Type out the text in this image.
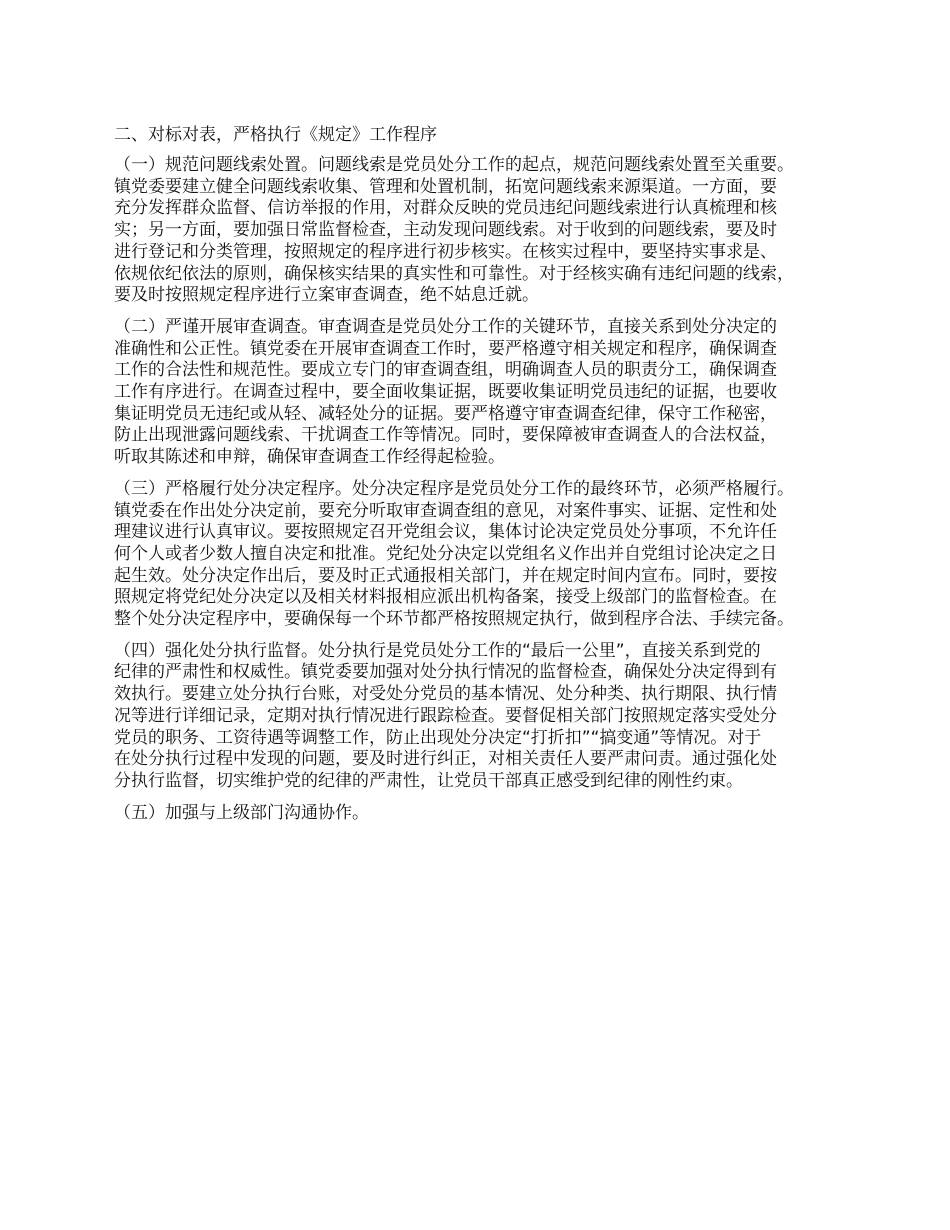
二、对标对表，严格执行《规定》工作程序
（一）规范问题线索处置。问题线索是党员处分工作的起点，规范问题线索处置至关重要。
镇党委要建立健全问题线索收集、管理和处置机制，拓宽问题线索来源渠道。一方面，要
充分发挥群众监督、信访举报的作用，对群众反映的党员违纪问题线索进行认真梳理和核
实；另一方面，要加强日常监督检查，主动发现问题线索。对于收到的问题线索，要及时
进行登记和分类管理，按照规定的程序进行初步核实。在核实过程中，要坚持实事求是、
依规依纪依法的原则，确保核实结果的真实性和可靠性。对于经核实确有违纪问题的线索，
要及时按照规定程序进行立案审查调查，绝不姑息迁就。
（二）严谨开展审查调查。审查调查是党员处分工作的关键环节，直接关系到处分决定的
准确性和公正性。镇党委在开展审查调查工作时，要严格遵守相关规定和程序，确保调查
工作的合法性和规范性。要成立专门的审查调查组，明确调查人员的职责分工，确保调查
工作有序进行。在调查过程中，要全面收集证据，既要收集证明党员违纪的证据，也要收
集证明党员无违纪或从轻、减轻处分的证据。要严格遵守审查调查纪律，保守工作秘密，
防止出现泄露问题线索、干扰调查工作等情况。同时，要保障被审查调查人的合法权益，
听取其陈述和申辩，确保审查调查工作经得起检验。
（三）严格履行处分决定程序。处分决定程序是党员处分工作的最终环节，必须严格履行。
镇党委在作出处分决定前，要充分听取审查调查组的意见，对案件事实、证据、定性和处
理建议进行认真审议。要按照规定召开党组会议，集体讨论决定党员处分事项，不允许任
何个人或者少数人擅自决定和批准。党纪处分决定以党组名义作出并自党组讨论决定之日
起生效。处分决定作出后，要及时正式通报相关部门，并在规定时间内宣布。同时，要按
照规定将党纪处分决定以及相关材料报相应派出机构备案，接受上级部门的监督检查。在
整个处分决定程序中，要确保每一个环节都严格按照规定执行，做到程序合法、手续完备。
（四）强化处分执行监督。处分执行是党员处分工作的“最后一公里”，直接关系到党的
纪律的严肃性和权威性。镇党委要加强对处分执行情况的监督检查，确保处分决定得到有
效执行。要建立处分执行台账，对受处分党员的基本情况、处分种类、执行期限、执行情
况等进行详细记录，定期对执行情况进行跟踪检查。要督促相关部门按照规定落实受处分
党员的职务、工资待遇等调整工作，防止出现处分决定“打折扣”“搞变通”等情况。对于
在处分执行过程中发现的问题，要及时进行纠正，对相关责任人要严肃问责。通过强化处
分执行监督，切实维护党的纪律的严肃性，让党员干部真正感受到纪律的刚性约束。
（五）加强与上级部门沟通协作。
